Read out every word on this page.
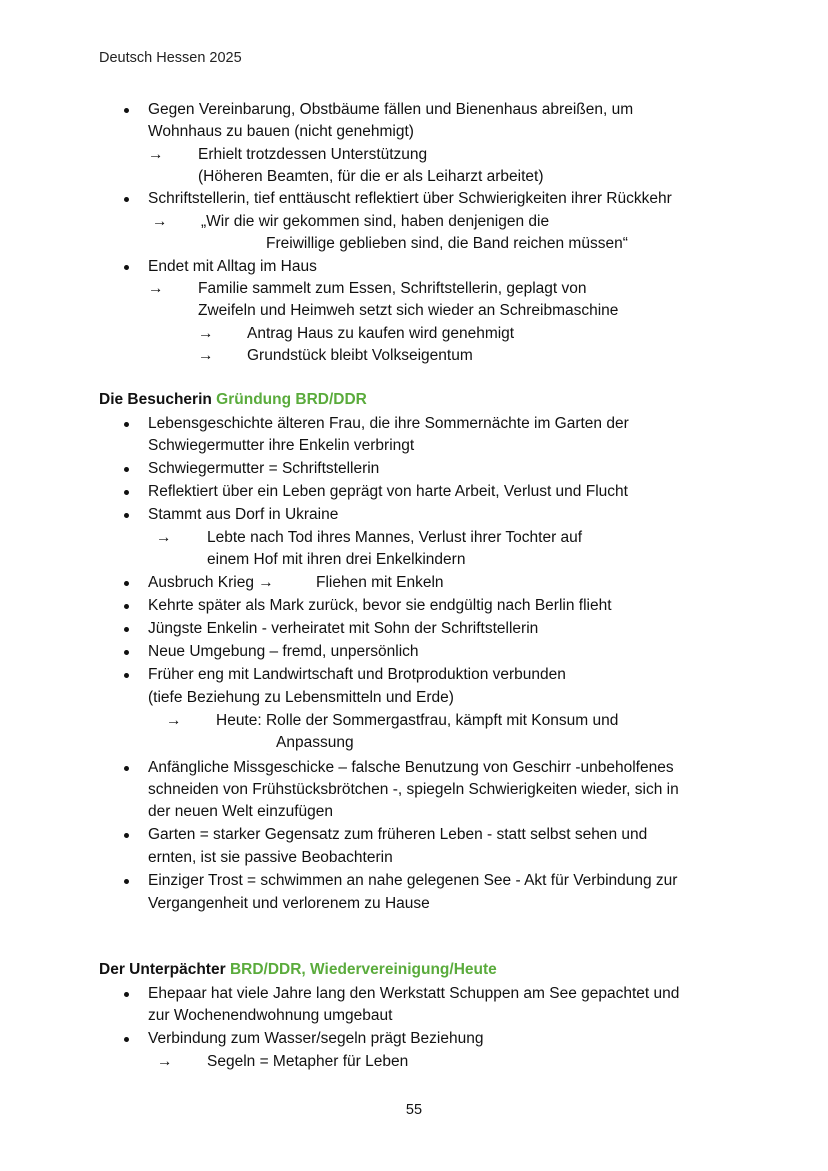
Deutsch Hessen 2025
Gegen Vereinbarung, Obstbäume fällen und Bienenhaus abreißen, um
Wohnhaus zu bauen (nicht genehmigt)
→ Erhielt trotzdessen Unterstützung
(Höheren Beamten, für die er als Leiharzt arbeitet)
Schriftstellerin, tief enttäuscht reflektiert über Schwierigkeiten ihrer Rückkehr
→ „Wir die wir gekommen sind, haben denjenigen die
Freiwillige geblieben sind, die Band reichen müssen“
Endet mit Alltag im Haus
→ Familie sammelt zum Essen, Schriftstellerin, geplagt von
Zweifeln und Heimweh setzt sich wieder an Schreibmaschine
→ Antrag Haus zu kaufen wird genehmigt
→ Grundstück bleibt Volkseigentum
Die Besucherin Gründung BRD/DDR
Lebensgeschichte älteren Frau, die ihre Sommernächte im Garten der
Schwiegermutter ihre Enkelin verbringt
Schwiegermutter = Schriftstellerin
Reflektiert über ein Leben geprägt von harte Arbeit, Verlust und Flucht
Stammt aus Dorf in Ukraine
→ Lebte nach Tod ihres Mannes, Verlust ihrer Tochter auf
einem Hof mit ihren drei Enkelkindern
Ausbruch Krieg →	Fliehen mit Enkeln
Kehrte später als Mark zurück, bevor sie endgültig nach Berlin flieht
Jüngste Enkelin - verheiratet mit Sohn der Schriftstellerin
Neue Umgebung – fremd, unpersönlich
Früher eng mit Landwirtschaft und Brotproduktion verbunden
(tiefe Beziehung zu Lebensmitteln und Erde)
→ Heute: Rolle der Sommergastfrau, kämpft mit Konsum und
Anpassung
Anfängliche Missgeschicke – falsche Benutzung von Geschirr -unbeholfenes
schneiden von Frühstücksbrötchen -, spiegeln Schwierigkeiten wieder, sich in
der neuen Welt einzufügen
Garten = starker Gegensatz zum früheren Leben - statt selbst sehen und
ernten, ist sie passive Beobachterin
Einziger Trost = schwimmen an nahe gelegenen See - Akt für Verbindung zur
Vergangenheit und verlorenem zu Hause
Der Unterpächter BRD/DDR, Wiedervereinigung/Heute
Ehepaar hat viele Jahre lang den Werkstatt Schuppen am See gepachtet und
zur Wochenendwohnung umgebaut
Verbindung zum Wasser/segeln prägt Beziehung
→ Segeln = Metapher für Leben
55
